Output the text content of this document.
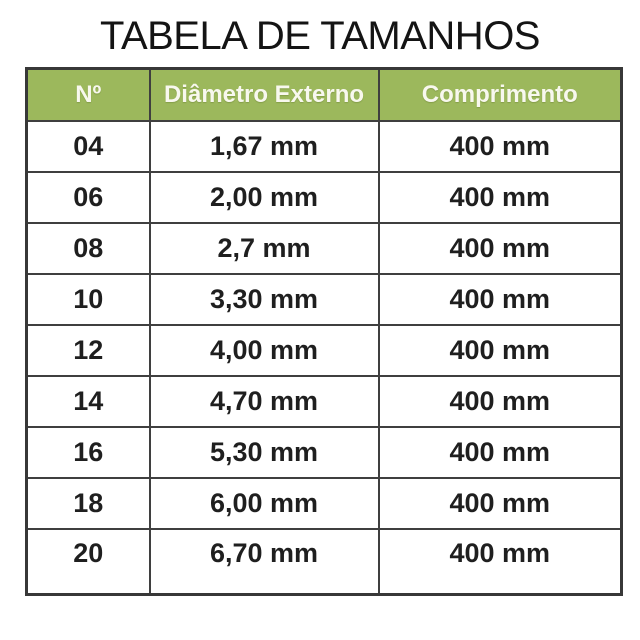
TABELA DE TAMANHOS
Nº	Diâmetro Externo	Comprimento
04	1,67 mm	400 mm
06	2,00 mm	400 mm
08	2,7 mm	400 mm
10	3,30 mm	400 mm
12	4,00 mm	400 mm
14	4,70 mm	400 mm
16	5,30 mm	400 mm
18	6,00 mm	400 mm
20	6,70 mm	400 mm
